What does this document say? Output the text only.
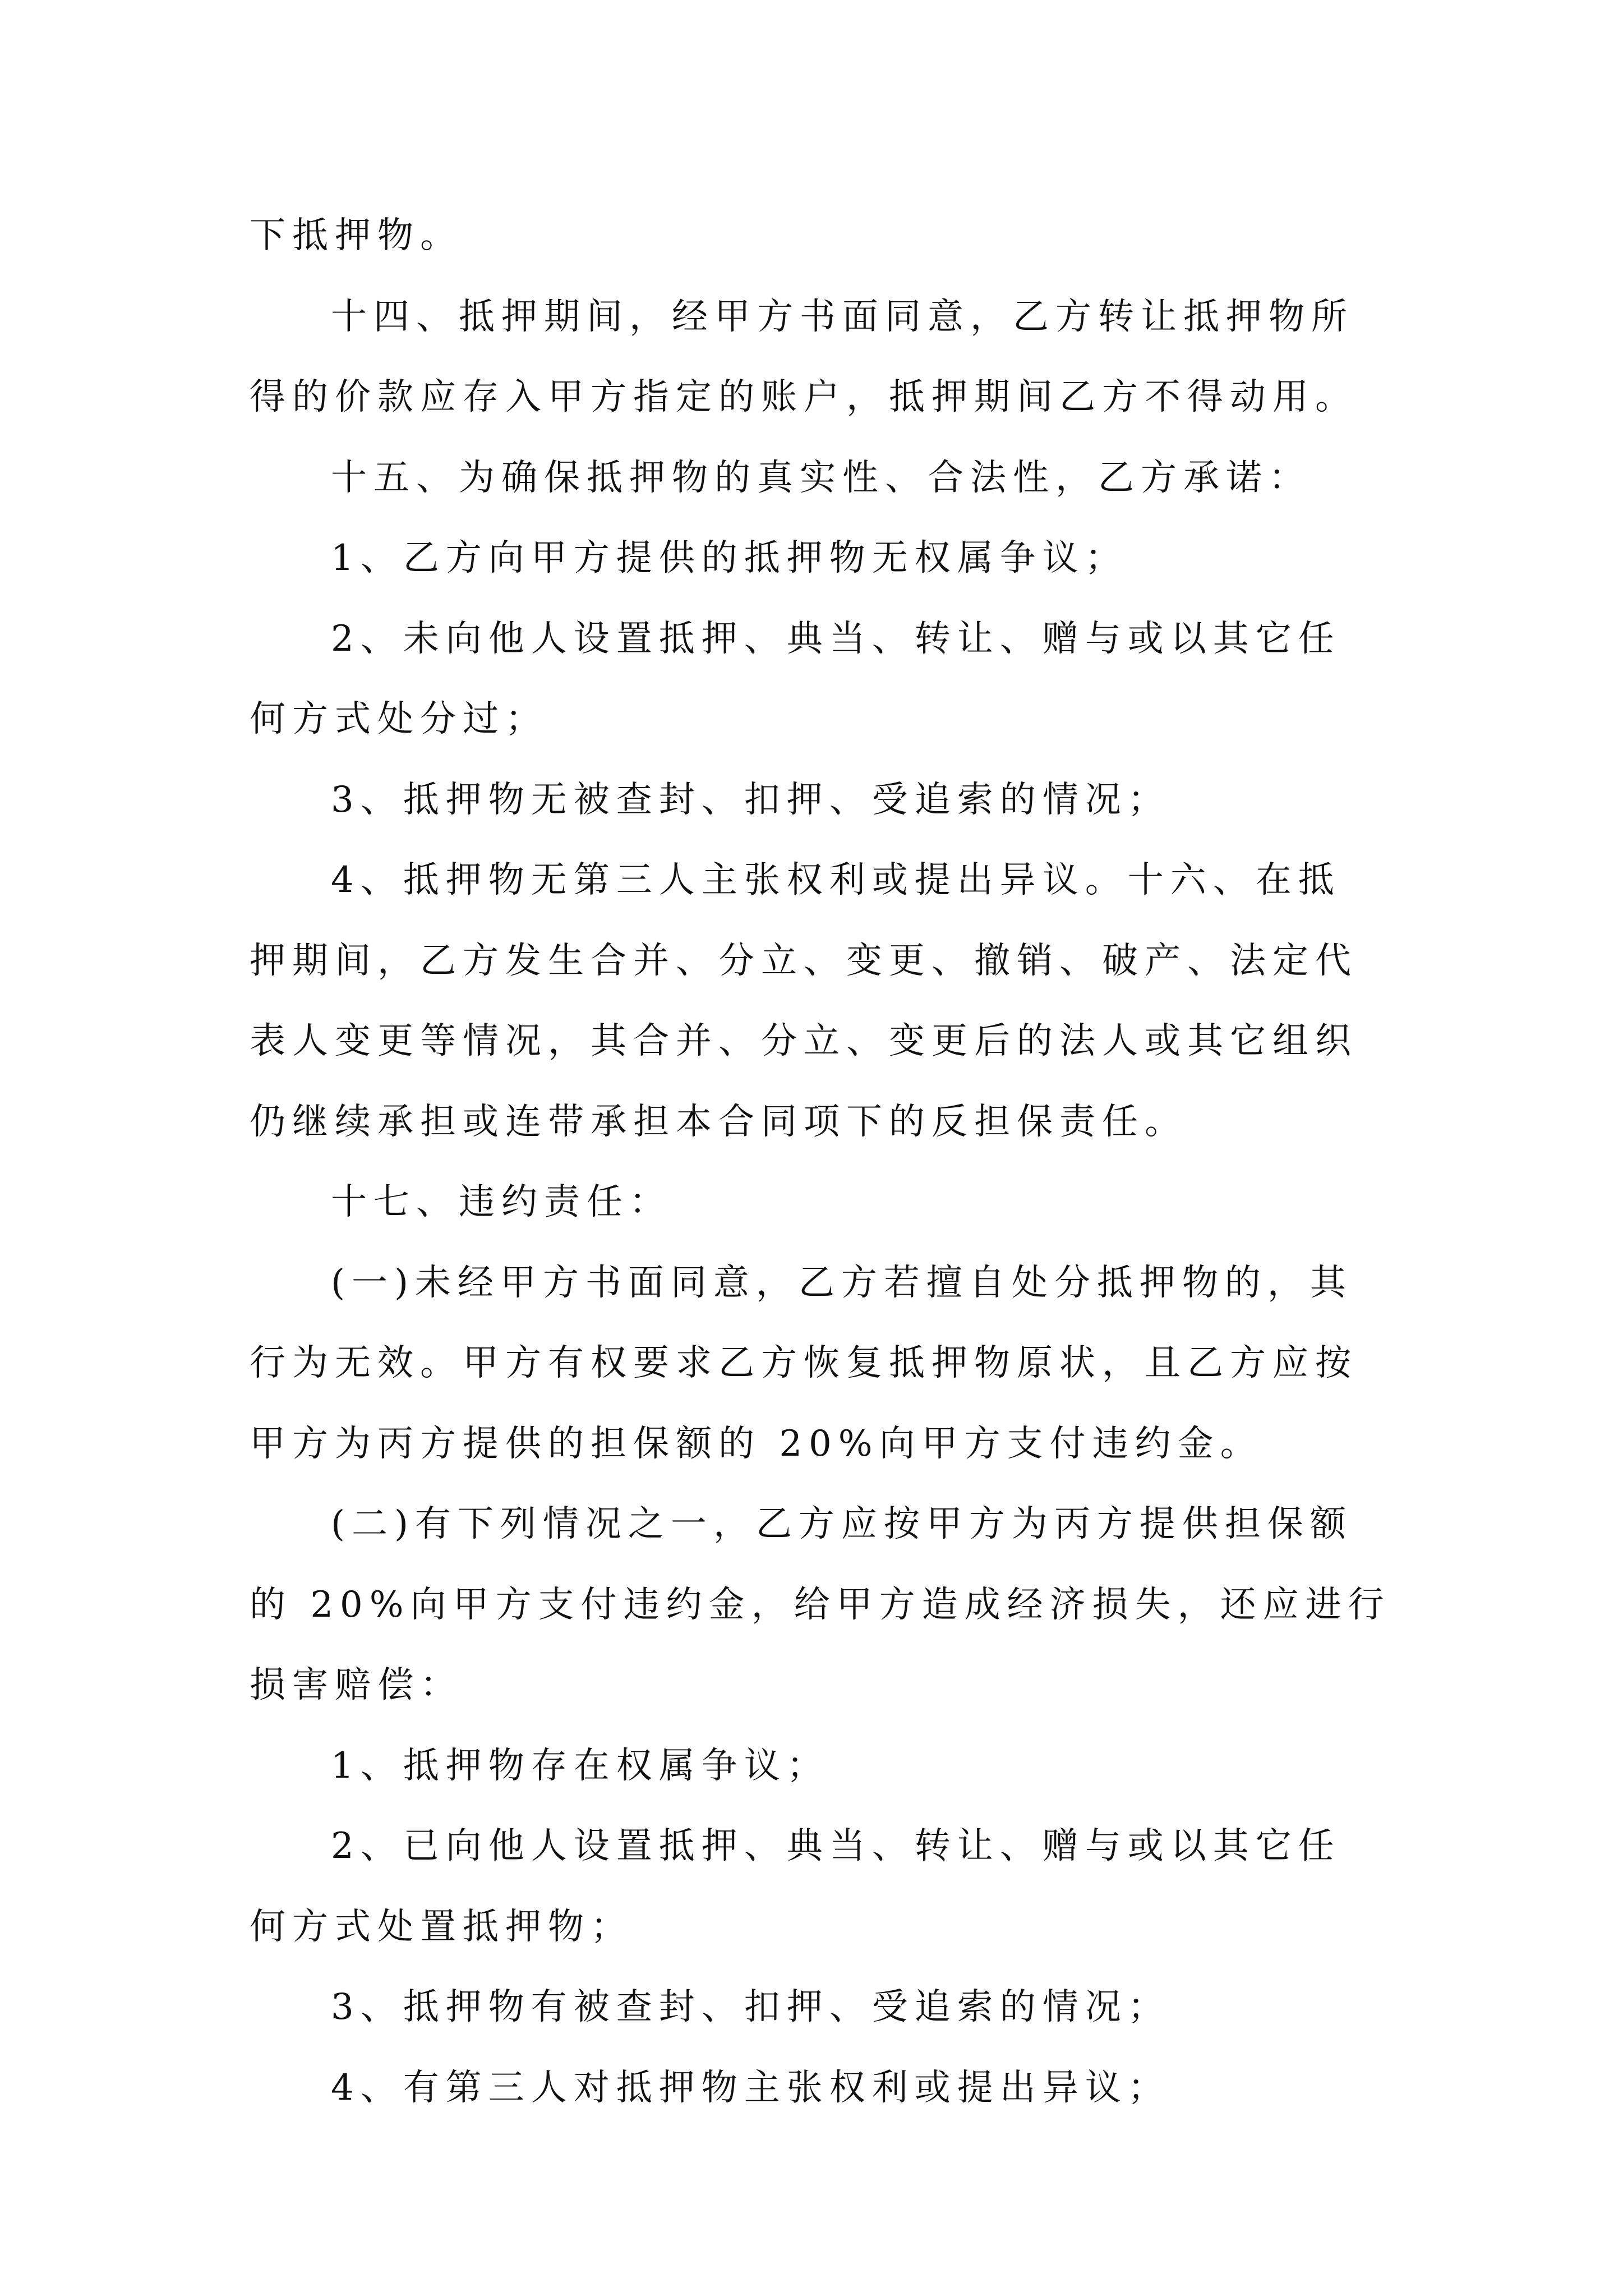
下抵押物。
十四、抵押期间，经甲方书面同意，乙方转让抵押物所
得的价款应存入甲方指定的账户，抵押期间乙方不得动用。
十五、为确保抵押物的真实性、合法性，乙方承诺：
1、乙方向甲方提供的抵押物无权属争议；
2、未向他人设置抵押、典当、转让、赠与或以其它任
何方式处分过；
3、抵押物无被查封、扣押、受追索的情况；
4、抵押物无第三人主张权利或提出异议。十六、在抵
押期间，乙方发生合并、分立、变更、撤销、破产、法定代
表人变更等情况，其合并、分立、变更后的法人或其它组织
仍继续承担或连带承担本合同项下的反担保责任。
十七、违约责任：
(一)未经甲方书面同意，乙方若擅自处分抵押物的，其
行为无效。甲方有权要求乙方恢复抵押物原状，且乙方应按
甲方为丙方提供的担保额的 20%向甲方支付违约金。
(二)有下列情况之一，乙方应按甲方为丙方提供担保额
的 20%向甲方支付违约金，给甲方造成经济损失，还应进行
损害赔偿：
1、抵押物存在权属争议；
2、已向他人设置抵押、典当、转让、赠与或以其它任
何方式处置抵押物；
3、抵押物有被查封、扣押、受追索的情况；
4、有第三人对抵押物主张权利或提出异议；
